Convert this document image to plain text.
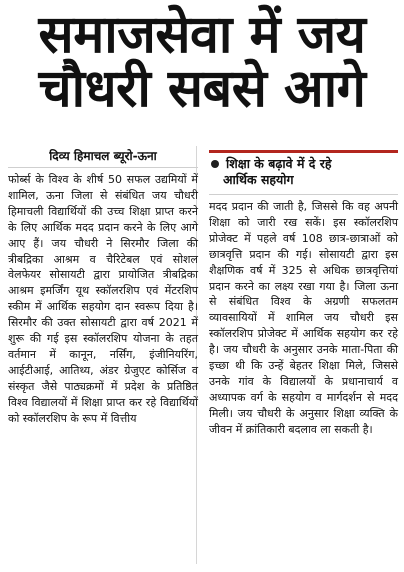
समाजसेवा में जय
चौधरी सबसे आगे
दिव्य हिमाचल ब्यूरो-ऊना

फोर्ब्स के विश्व के शीर्ष 50 सफल उद्यमियों में शामिल, ऊना जिला से संबंधित जय चौधरी हिमाचली विद्यार्थियों की उच्च शिक्षा प्राप्त करने के लिए आर्थिक मदद प्रदान करने के लिए आगे आए हैं। जय चौधरी ने सिरमौर जिला की त्रीबद्रिका आश्रम व चैरिटेबल एवं सोशल वेलफेयर सोसायटी द्वारा प्रायोजित त्रीबद्रिका आश्रम इमर्जिंग यूथ स्कॉलरशिप एवं मेंटरशिप स्कीम में आर्थिक सहयोग दान स्वरूप दिया है। सिरमौर की उक्त सोसायटी द्वारा वर्ष 2021 में शुरू की गई इस स्कॉलरशिप योजना के तहत वर्तमान में कानून, नर्सिंग, इंजीनियरिंग, आईटीआई, आतिथ्य, अंडर ग्रेजुएट कोर्सिज व संस्कृत जैसे पाठ्यक्रमों में प्रदेश के प्रतिष्ठित विश्व विद्यालयों में शिक्षा प्राप्त कर रहे विद्यार्थियों को स्कॉलरशिप के रूप में वित्तीय

शिक्षा के बढ़ावे में दे रहे
आर्थिक सहयोग

मदद प्रदान की जाती है, जिससे कि वह अपनी शिक्षा को जारी रख सकें। इस स्कॉलरशिप प्रोजेक्ट में पहले वर्ष 108 छात्र-छात्राओं को छात्रवृत्ति प्रदान की गई। सोसायटी द्वारा इस शैक्षणिक वर्ष में 325 से अधिक छात्रवृत्तियां प्रदान करने का लक्ष्य रखा गया है। जिला ऊना से संबंधित विश्व के अग्रणी सफलतम व्यावसायियों में शामिल जय चौधरी इस स्कॉलरशिप प्रोजेक्ट में आर्थिक सहयोग कर रहे है। जय चौधरी के अनुसार उनके माता-पिता की इच्छा थी कि उन्हें बेहतर शिक्षा मिले, जिससे उनके गांव के विद्यालयों के प्रधानाचार्य व अध्यापक वर्ग के सहयोग व मार्गदर्शन से मदद मिली। जय चौधरी के अनुसार शिक्षा व्यक्ति के जीवन में क्रांतिकारी बदलाव ला सकती है।
